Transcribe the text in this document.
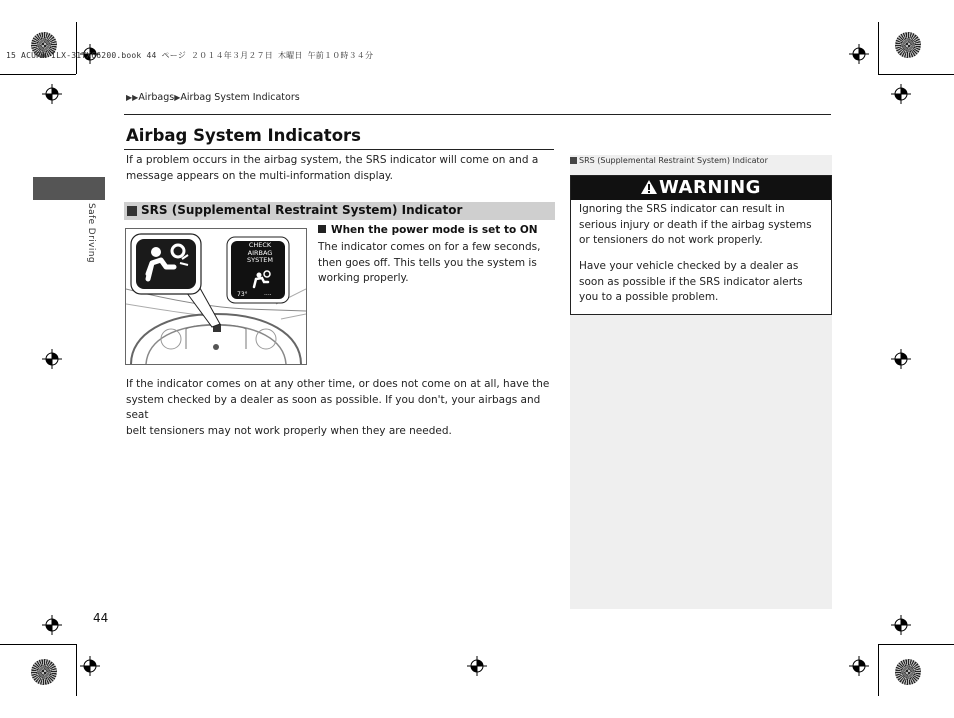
15 ACURA ILX-31TX66200.book 44 ページ ２０１４年３月２７日 木曜日 午前１０時３４分
▶▶Airbags▶Airbag System Indicators
Safe Driving
Airbag System Indicators
If a problem occurs in the airbag system, the SRS indicator will come on and a
message appears on the multi-information display.
SRS (Supplemental Restraint System) Indicator
CHECK
AIRBAG
SYSTEM
73°	....
When the power mode is set to ON
The indicator comes on for a few seconds,
then goes off. This tells you the system is
working properly.
If the indicator comes on at any other time, or does not come on at all, have the
system checked by a dealer as soon as possible. If you don't, your airbags and seat
belt tensioners may not work properly when they are needed.
SRS (Supplemental Restraint System) Indicator
WARNING
Ignoring the SRS indicator can result in
serious injury or death if the airbag systems
or tensioners do not work properly.
Have your vehicle checked by a dealer as
soon as possible if the SRS indicator alerts
you to a possible problem.
44
